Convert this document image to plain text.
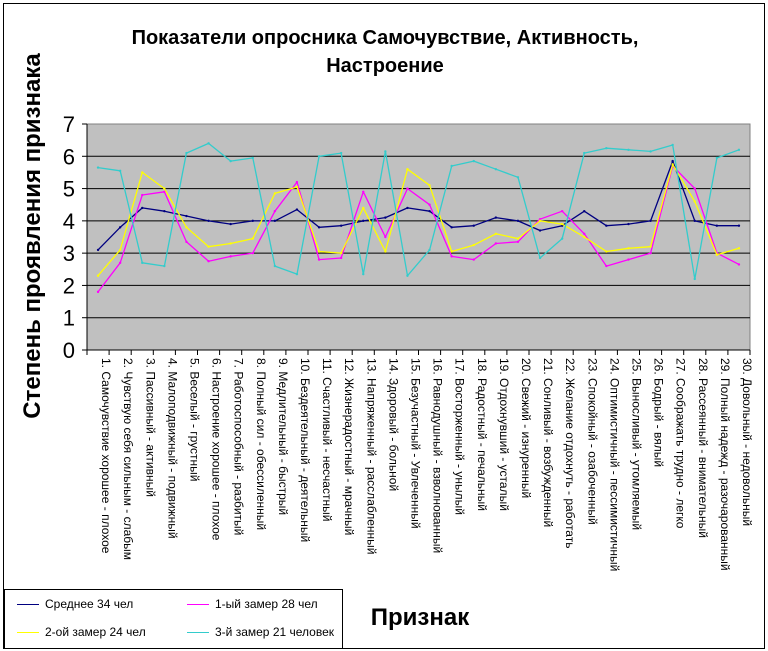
Показатели опросника Самочувствие, Активность, Настроение
Степень проявления признака
Признак
0
1
2
3
4
5
6
7
1. Самочувствие хорошее - плохое 2. Чувствую себя сильным - слабым 3. Пассивный - активный 4. Малоподвижный - подвижный 5. Веселый - грустный 6. Настроение хорошее - плохое 7. Работоспособный - разбитый 8. Полный сил - обессиленный 9. Медлительный - быстрый 10. Бездеятельный - деятельный 11. Счастливый - несчастный 12. Жизнерадостный - мрачный 13. Напряженный - расслабленный 14. Здоровый - больной 15. Безучастный - Увлеченный 16. Равнодушный - взволнованный 17. Восторженный - унылый 18. Радостный - печальный 19. Отдохнувший - усталый 20. Свежий - изнуренный 21. Сонливый - возбужденный 22. Желание отдохнуть - работать 23. Спокойный - озабоченный 24. Оптимистичный - пессимистичный 25. Выносливый - утомляемый 26. Бодрый - вялый 27. Соображать трудно - легко 28. Рассеянный - внимательный 29. Полный надежд - разочарованный 30. Довольный - недовольный
Среднее 34 чел	1-ый замер 28 чел
2-ой замер 24 чел	3-й замер 21 человек
